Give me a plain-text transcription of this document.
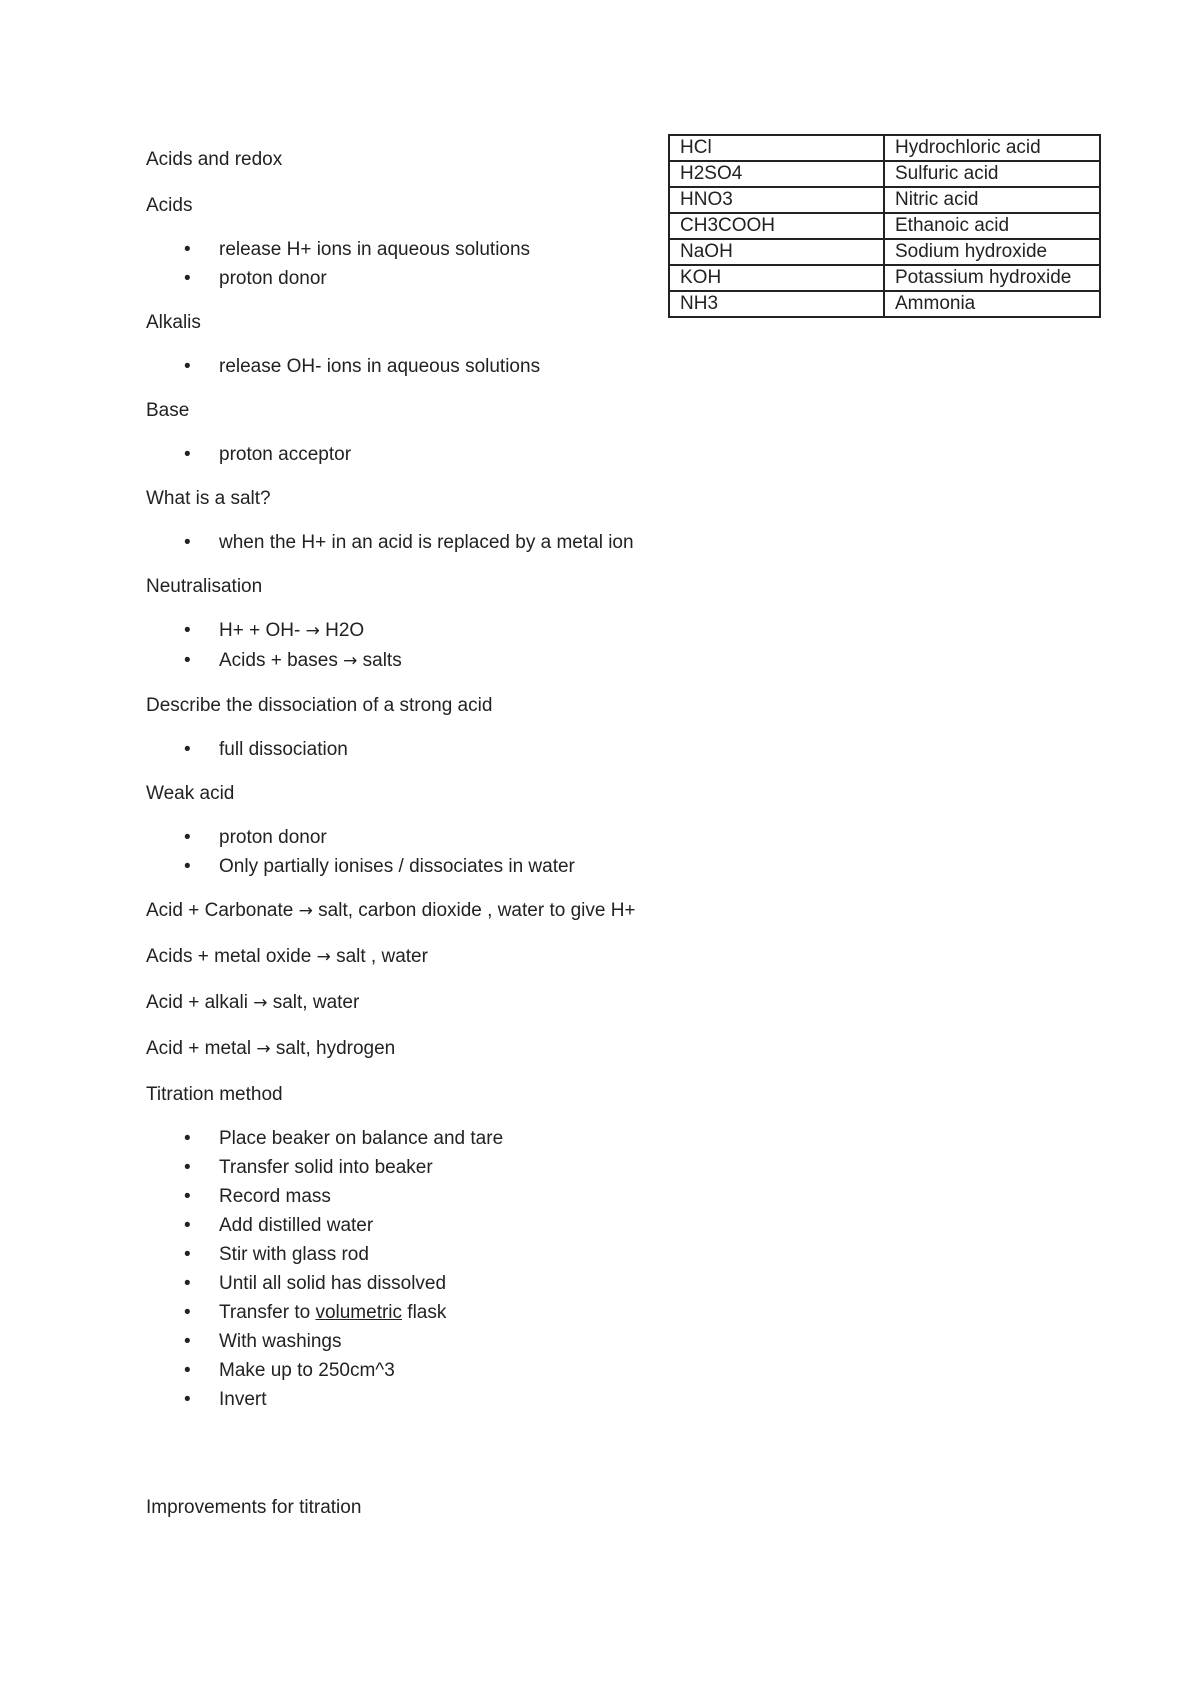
Acids and redox

Acids

• release H+ ions in aqueous solutions
• proton donor

Alkalis

• release OH- ions in aqueous solutions

Base

• proton acceptor

What is a salt?

• when the H+ in an acid is replaced by a metal ion

Neutralisation

• H+ + OH- → H2O
• Acids + bases → salts

Describe the dissociation of a strong acid

• full dissociation

Weak acid

• proton donor
• Only partially ionises / dissociates in water

Acid + Carbonate → salt, carbon dioxide , water to give H+

Acids + metal oxide → salt , water

Acid + alkali → salt, water

Acid + metal → salt, hydrogen

Titration method

• Place beaker on balance and tare
• Transfer solid into beaker
• Record mass
• Add distilled water
• Stir with glass rod
• Until all solid has dissolved
• Transfer to volumetric flask
• With washings
• Make up to 250cm^3
• Invert

Improvements for titration

HCl	Hydrochloric acid
H2SO4	Sulfuric acid
HNO3	Nitric acid
CH3COOH	Ethanoic acid
NaOH	Sodium hydroxide
KOH	Potassium hydroxide
NH3	Ammonia
